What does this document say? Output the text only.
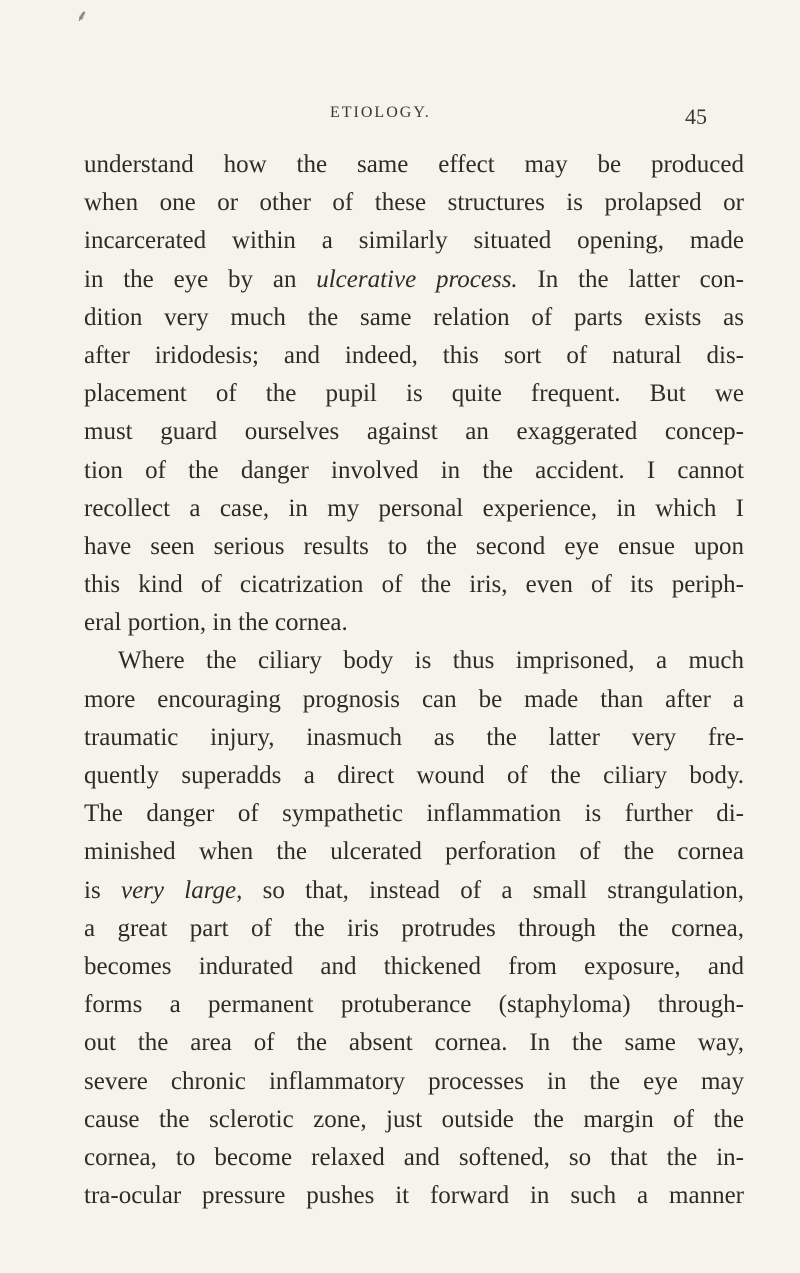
⸙
ETIOLOGY.	45
understand how the same effect may be produced
when one or other of these structures is prolapsed or
incarcerated within a similarly situated opening, made
in the eye by an ulcerative process. In the latter con-
dition very much the same relation of parts exists as
after iridodesis; and indeed, this sort of natural dis-
placement of the pupil is quite frequent. But we
must guard ourselves against an exaggerated concep-
tion of the danger involved in the accident. I cannot
recollect a case, in my personal experience, in which I
have seen serious results to the second eye ensue upon
this kind of cicatrization of the iris, even of its periph-
eral portion, in the cornea.
Where the ciliary body is thus imprisoned, a much
more encouraging prognosis can be made than after a
traumatic injury, inasmuch as the latter very fre-
quently superadds a direct wound of the ciliary body.
The danger of sympathetic inflammation is further di-
minished when the ulcerated perforation of the cornea
is very large, so that, instead of a small strangulation,
a great part of the iris protrudes through the cornea,
becomes indurated and thickened from exposure, and
forms a permanent protuberance (staphyloma) through-
out the area of the absent cornea. In the same way,
severe chronic inflammatory processes in the eye may
cause the sclerotic zone, just outside the margin of the
cornea, to become relaxed and softened, so that the in-
tra-ocular pressure pushes it forward in such a manner
